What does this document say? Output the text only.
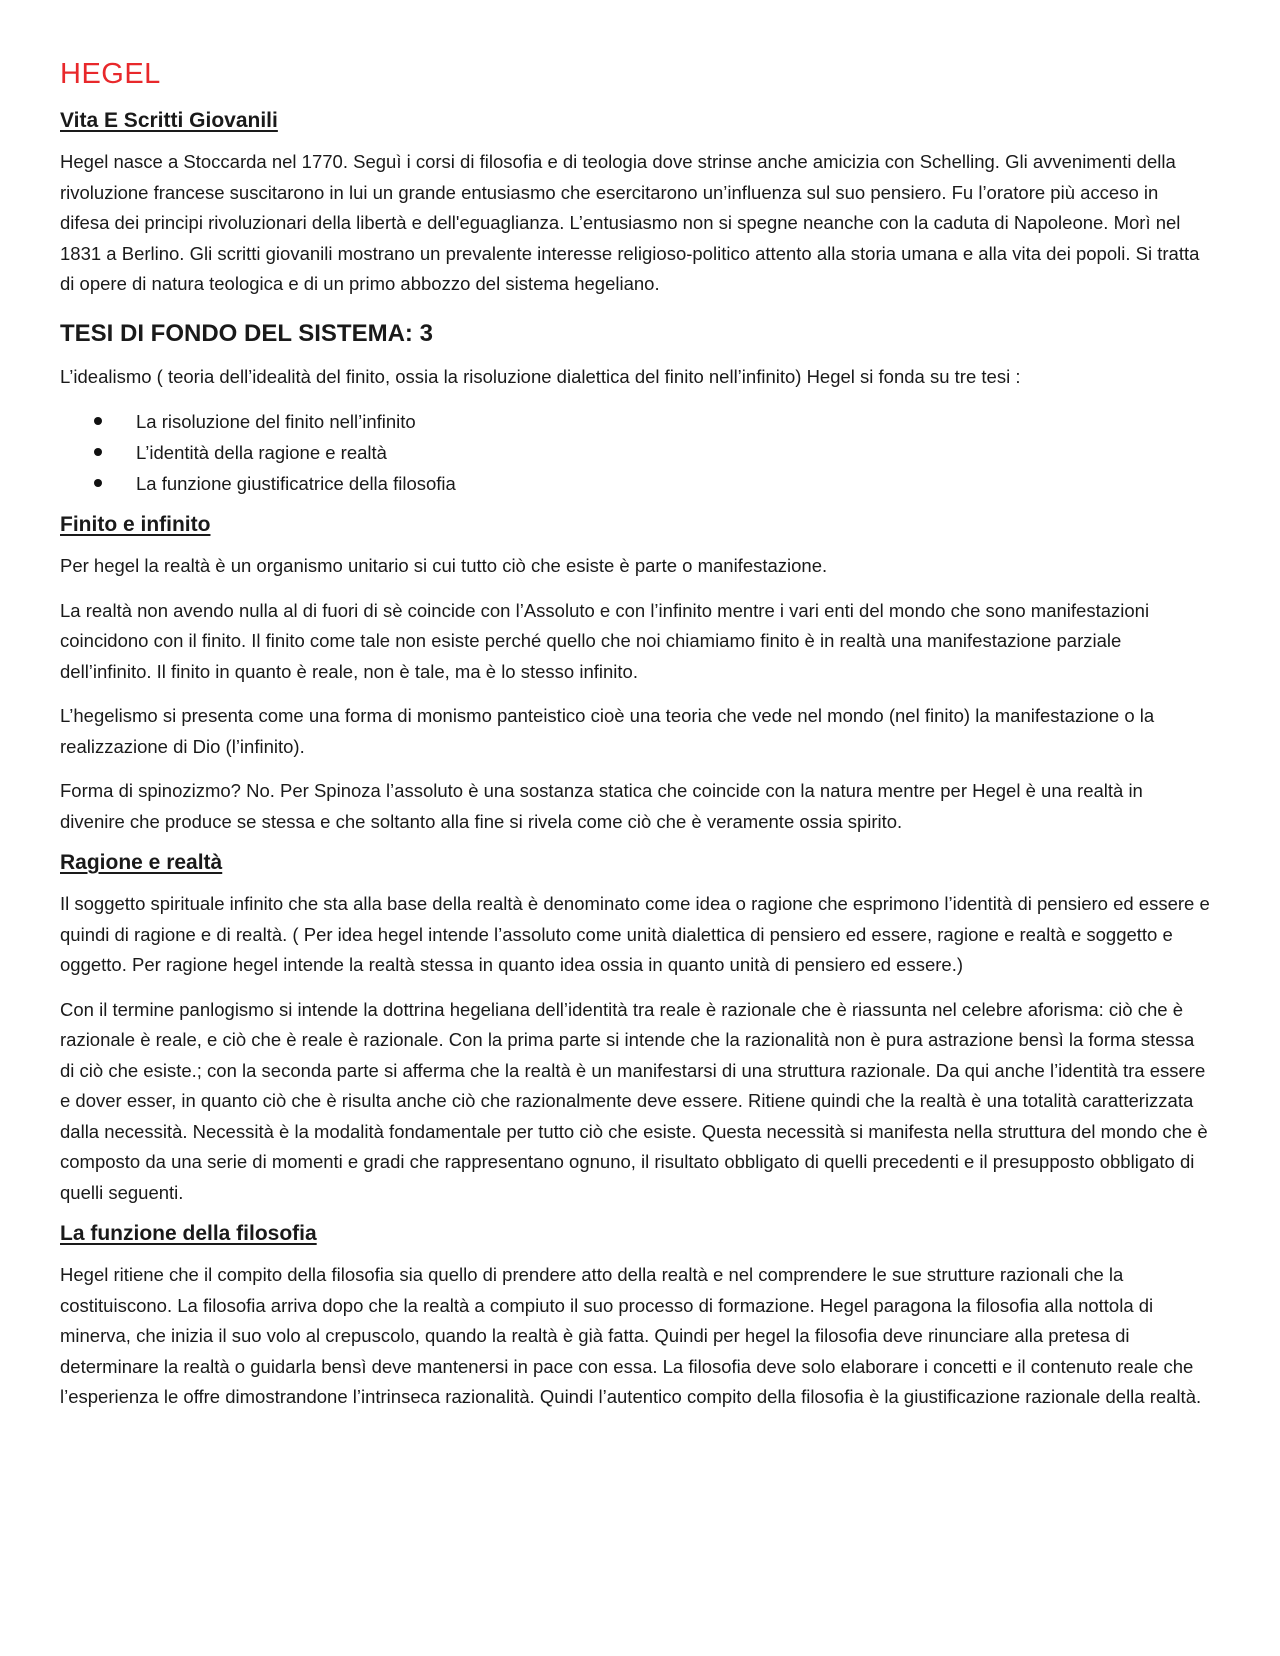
HEGEL
Vita E Scritti Giovanili

Hegel nasce a Stoccarda nel 1770. Seguì i corsi di filosofia e di teologia dove strinse anche amicizia con Schelling. Gli avvenimenti della rivoluzione francese suscitarono in lui un grande entusiasmo che esercitarono un’influenza sul suo pensiero. Fu l’oratore più acceso in difesa dei principi rivoluzionari della libertà e dell'eguaglianza. L’entusiasmo non si spegne neanche con la caduta di Napoleone. Morì nel 1831 a Berlino. Gli scritti giovanili mostrano un prevalente interesse religioso-politico attento alla storia umana e alla vita dei popoli. Si tratta di opere di natura teologica e di un primo abbozzo del sistema hegeliano.

TESI DI FONDO DEL SISTEMA: 3

L’idealismo ( teoria dell’idealità del finito, ossia la risoluzione dialettica del finito nell’infinito) Hegel si fonda su tre tesi :

La risoluzione del finito nell’infinito
L’identità della ragione e realtà
La funzione giustificatrice della filosofia
Finito e infinito

Per hegel la realtà è un organismo unitario si cui tutto ciò che esiste è parte o manifestazione.

La realtà non avendo nulla al di fuori di sè coincide con l’Assoluto e con l’infinito mentre i vari enti del mondo che sono manifestazioni coincidono con il finito. Il finito come tale non esiste perché quello che noi chiamiamo finito è in realtà una manifestazione parziale dell’infinito. Il finito in quanto è reale, non è tale, ma è lo stesso infinito.

L’hegelismo si presenta come una forma di monismo panteistico cioè una teoria che vede nel mondo (nel finito) la manifestazione o la realizzazione di Dio (l’infinito).

Forma di spinozizmo? No. Per Spinoza l’assoluto è una sostanza statica che coincide con la natura mentre per Hegel è una realtà in divenire che produce se stessa e che soltanto alla fine si rivela come ciò che è veramente ossia spirito.

Ragione e realtà

Il soggetto spirituale infinito che sta alla base della realtà è denominato come idea o ragione che esprimono l’identità di pensiero ed essere e quindi di ragione e di realtà. ( Per idea hegel intende l’assoluto come unità dialettica di pensiero ed essere, ragione e realtà e soggetto e oggetto. Per ragione hegel intende la realtà stessa in quanto idea ossia in quanto unità di pensiero ed essere.)

Con il termine panlogismo si intende la dottrina hegeliana dell’identità tra reale è razionale che è riassunta nel celebre aforisma: ciò che è razionale è reale, e ciò che è reale è razionale. Con la prima parte si intende che la razionalità non è pura astrazione bensì la forma stessa di ciò che esiste.; con la seconda parte si afferma che la realtà è un manifestarsi di una struttura razionale. Da qui anche l’identità tra essere e dover esser, in quanto ciò che è risulta anche ciò che razionalmente deve essere. Ritiene quindi che la realtà è una totalità caratterizzata dalla necessità. Necessità è la modalità fondamentale per tutto ciò che esiste. Questa necessità si manifesta nella struttura del mondo che è composto da una serie di momenti e gradi che rappresentano ognuno, il risultato obbligato di quelli precedenti e il presupposto obbligato di quelli seguenti.

La funzione della filosofia

Hegel ritiene che il compito della filosofia sia quello di prendere atto della realtà e nel comprendere le sue strutture razionali che la costituiscono. La filosofia arriva dopo che la realtà a compiuto il suo processo di formazione. Hegel paragona la filosofia alla nottola di minerva, che inizia il suo volo al crepuscolo, quando la realtà è già fatta. Quindi per hegel la filosofia deve rinunciare alla pretesa di determinare la realtà o guidarla bensì deve mantenersi in pace con essa. La filosofia deve solo elaborare i concetti e il contenuto reale che l’esperienza le offre dimostrandone l’intrinseca razionalità. Quindi l’autentico compito della filosofia è la giustificazione razionale della realtà.
